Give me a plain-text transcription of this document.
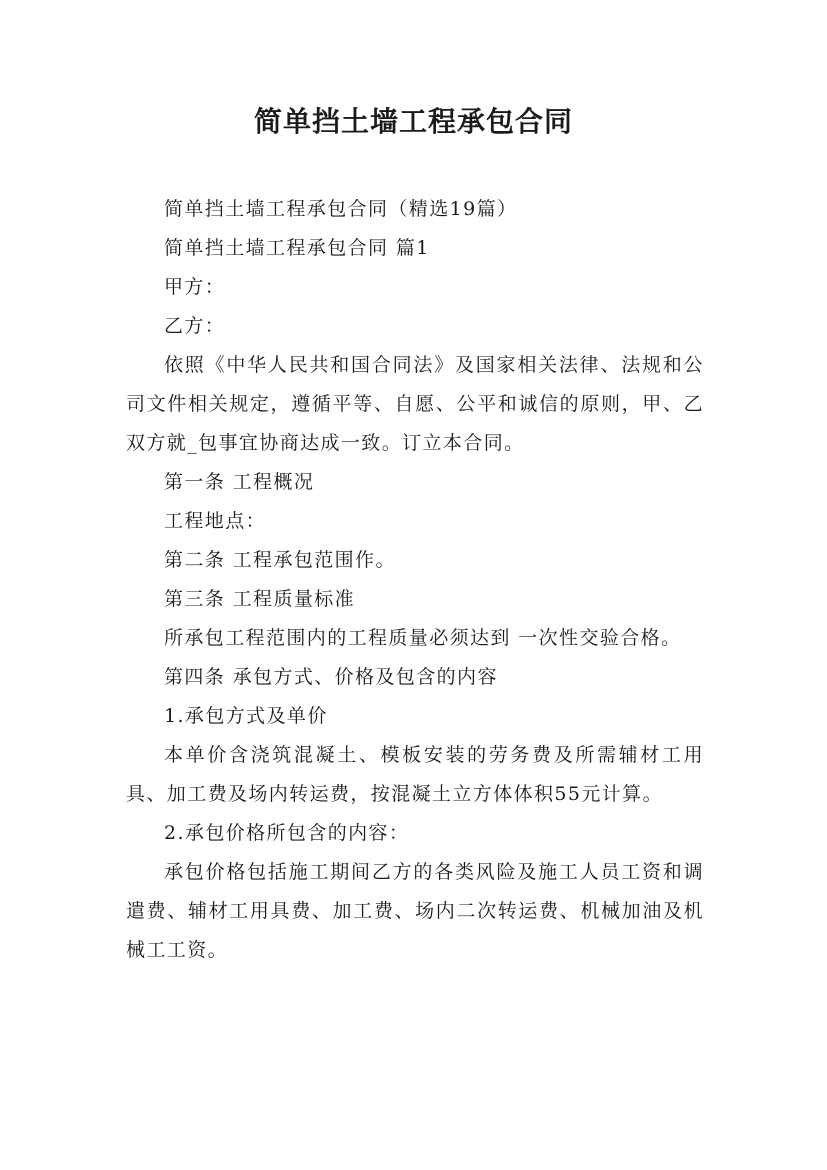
简单挡土墙工程承包合同

简单挡土墙工程承包合同（精选19篇）

简单挡土墙工程承包合同 篇1

甲方：

乙方：

依照《中华人民共和国合同法》及国家相关法律、法规和公司文件相关规定，遵循平等、自愿、公平和诚信的原则，甲、乙双方就_包事宜协商达成一致。订立本合同。

第一条 工程概况

工程地点：

第二条 工程承包范围作。

第三条 工程质量标准

所承包工程范围内的工程质量必须达到 一次性交验合格。

第四条 承包方式、价格及包含的内容

1.承包方式及单价

本单价含浇筑混凝土、模板安装的劳务费及所需辅材工用具、加工费及场内转运费，按混凝土立方体体积55元计算。

2.承包价格所包含的内容：

承包价格包括施工期间乙方的各类风险及施工人员工资和调遣费、辅材工用具费、加工费、场内二次转运费、机械加油及机械工工资。
